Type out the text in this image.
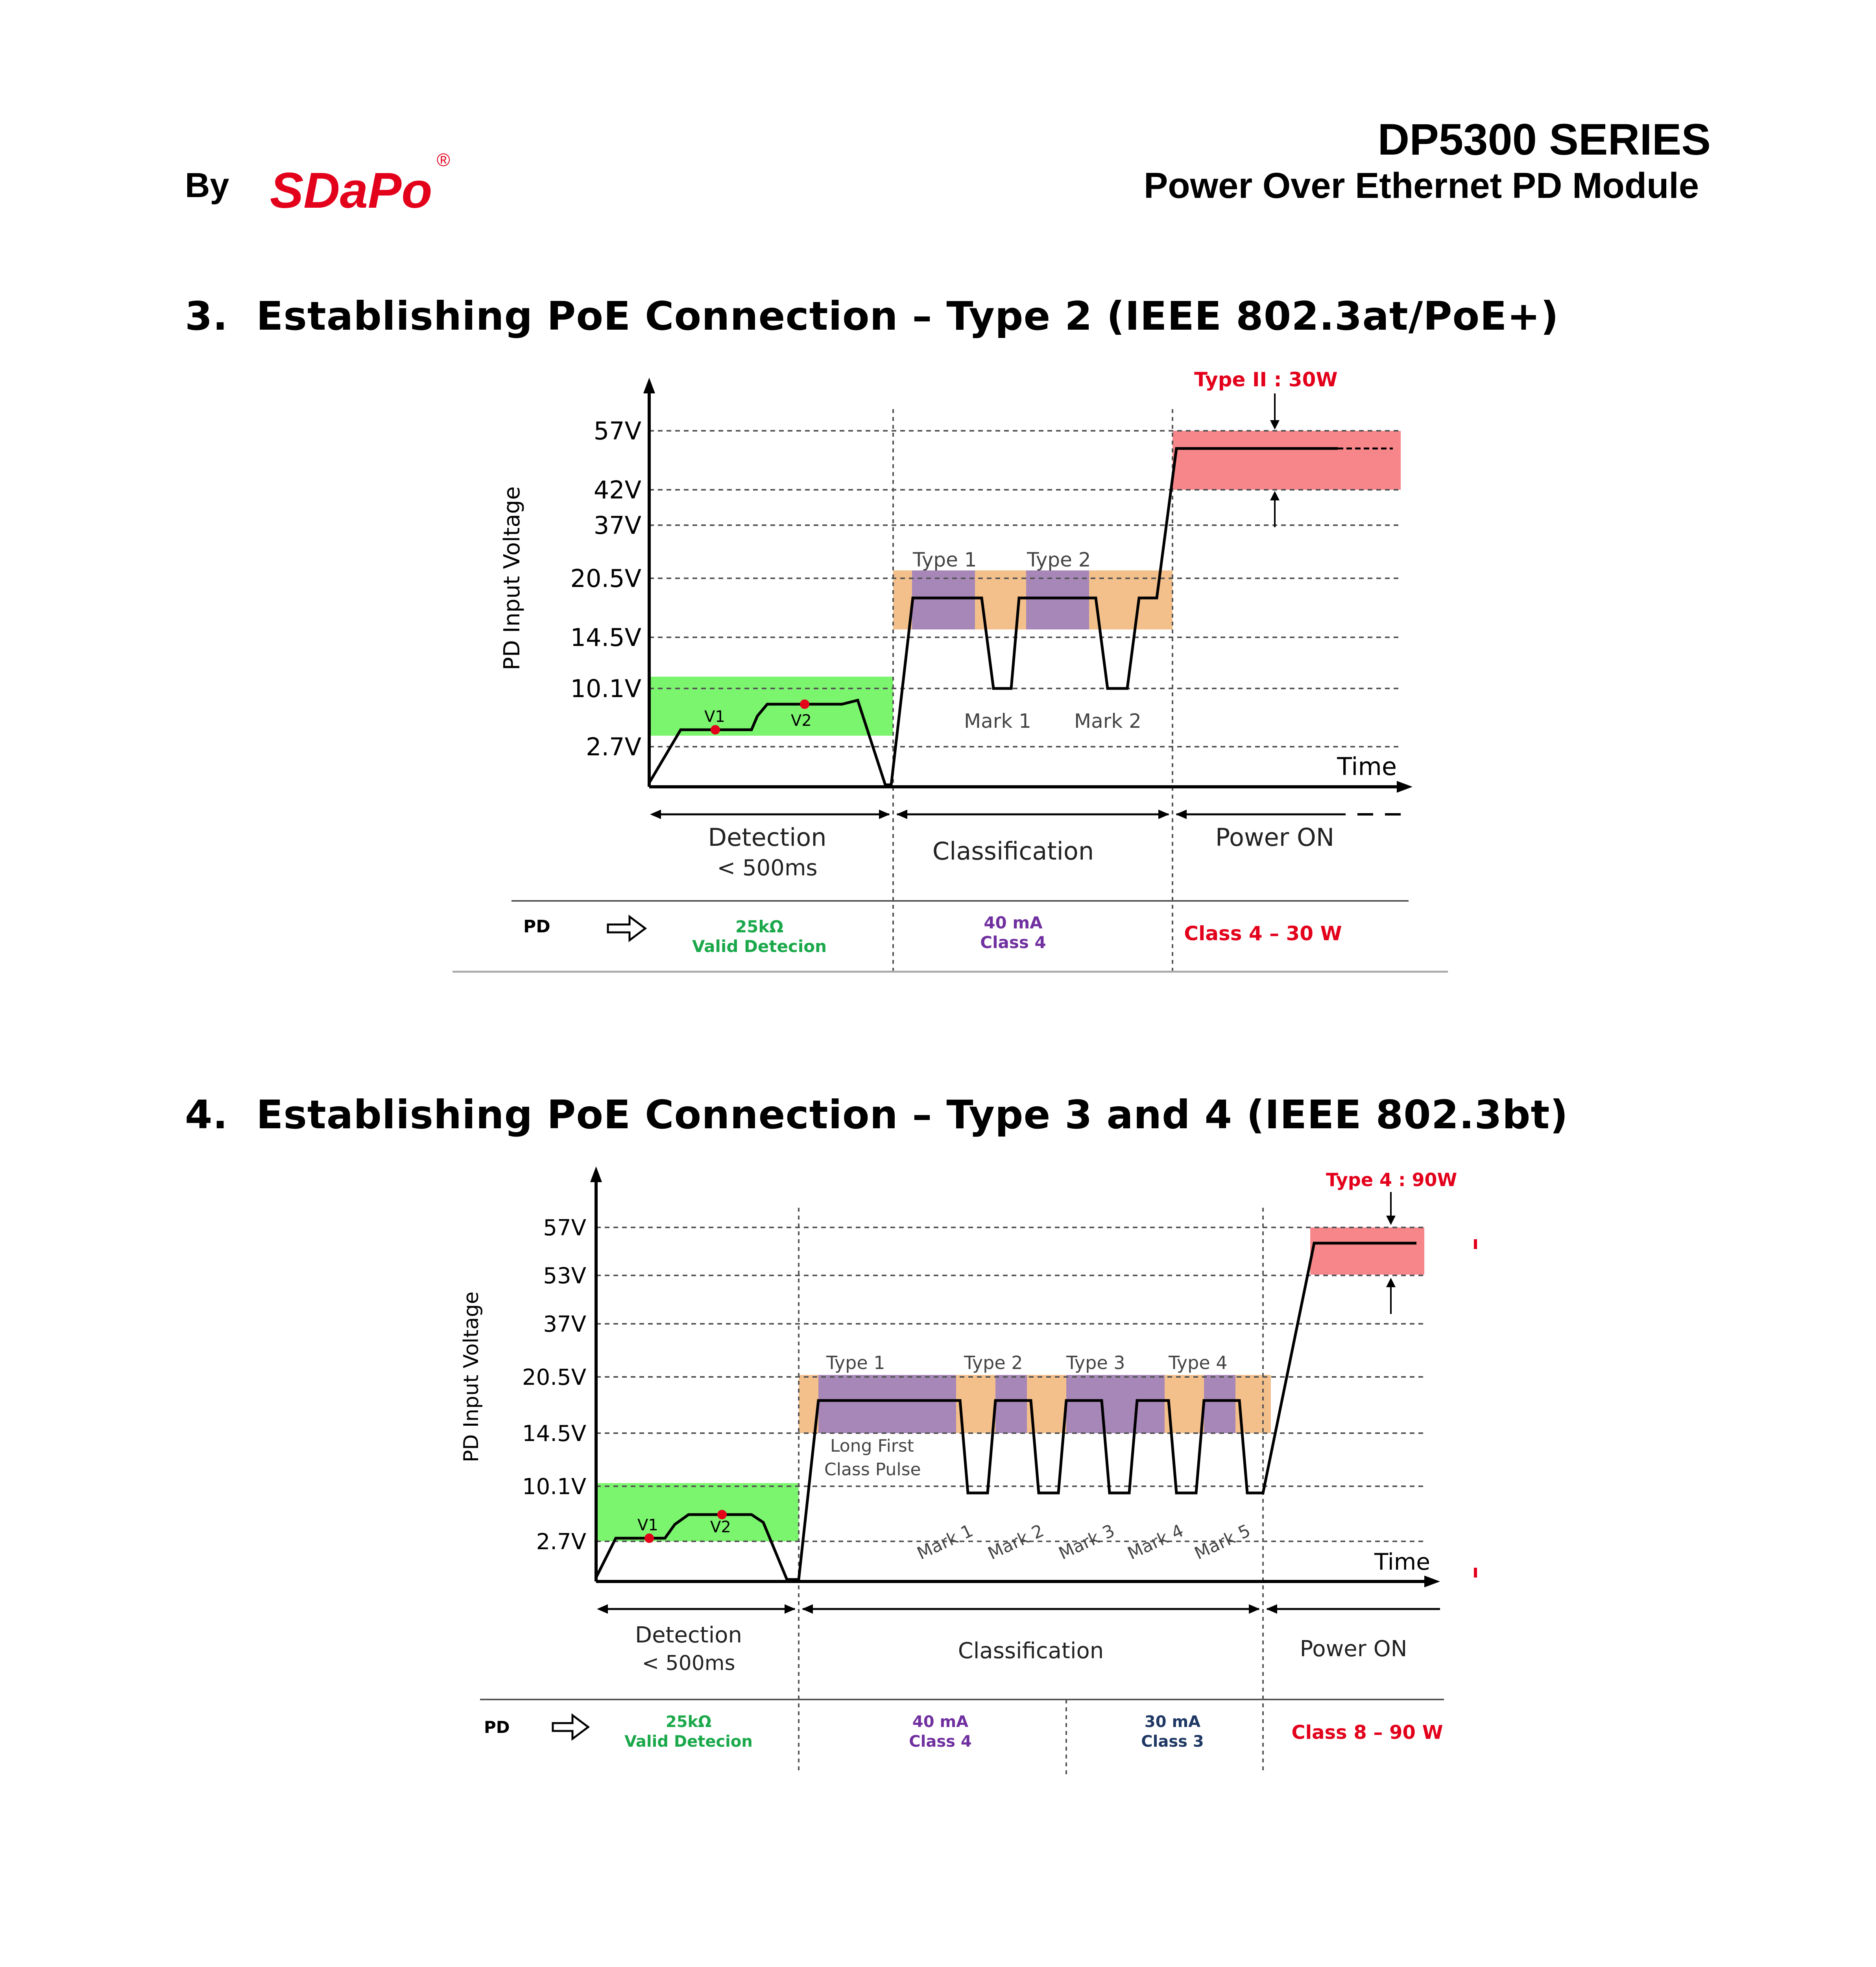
By SDaPo
®	DP5300 SERIES
Power Over Ethernet PD Module
3. Establishing PoE Connection – Type 2 (IEEE 802.3at/PoE+)
57V
42V
37V
20.5V
14.5V
10.1V
2.7V
PD Input Voltage
V1	V2
Type 1	Type 2
Mark 1 Mark 2
Type II : 30W
Time
Detection
< 500ms
Classification	Power ON
PD	25kΩ
Valid Detecion
40 mA
Class 4	Class 4 – 30 W
4. Establishing PoE Connection – Type 3 and 4 (IEEE 802.3bt)
57V
53V
37V
20.5V
14.5V
10.1V
2.7V
PD Input Voltage
V1	V2
Type 1	Type 2 Type 3 Type 4
Long First
Class Pulse
Mark 1 Mark 2 Mark 3 Mark 4 Mark 5
Type 4 : 90W
Time
Detection
< 500ms	Classification	Power ON
PD	25kΩ
Valid Detecion
40 mA
Class 4
30 mA
Class 3	Class 8 – 90 W
